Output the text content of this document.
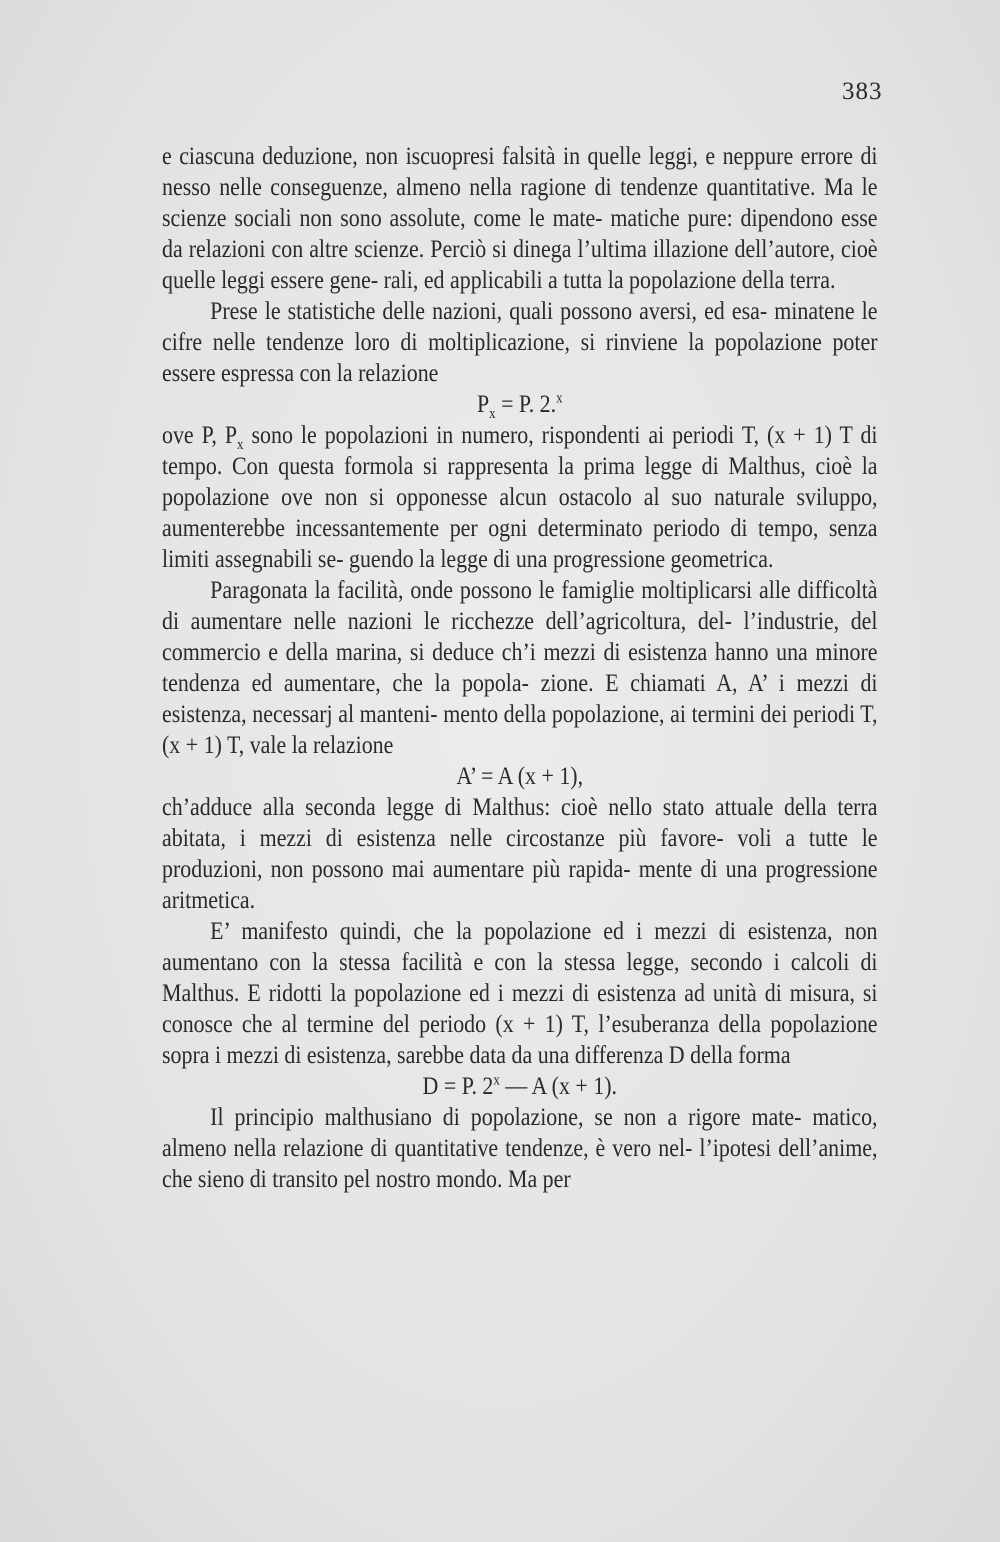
383

e ciascuna deduzione, non iscuopresi falsità in quelle leggi, e neppure errore di nesso nelle conseguenze, almeno nella ragione di tendenze quantitative. Ma le scienze sociali non sono assolute, come le mate- matiche pure: dipendono esse da relazioni con altre scienze. Perciò si dinega l’ultima illazione dell’autore, cioè quelle leggi essere gene- rali, ed applicabili a tutta la popolazione della terra.

Prese le statistiche delle nazioni, quali possono aversi, ed esa- minatene le cifre nelle tendenze loro di moltiplicazione, si rinviene la popolazione poter essere espressa con la relazione

$P_x = P$. 2.$^x$

ove P, $P_x$ sono le popolazioni in numero, rispondenti ai periodi T, (x + 1) T di tempo. Con questa formola si rappresenta la prima legge di Malthus, cioè la popolazione ove non si opponesse alcun ostacolo al suo naturale sviluppo, aumenterebbe incessantemente per ogni determinato periodo di tempo, senza limiti assegnabili se- guendo la legge di una progressione geometrica.

Paragonata la facilità, onde possono le famiglie moltiplicarsi alle difficoltà di aumentare nelle nazioni le ricchezze dell’agricoltura, del- l’industrie, del commercio e della marina, si deduce ch’i mezzi di esistenza hanno una minore tendenza ed aumentare, che la popola- zione. E chiamati A, A’ i mezzi di esistenza, necessarj al manteni- mento della popolazione, ai termini dei periodi T, (x + 1) T, vale la relazione

A’ = A (x + 1),

ch’adduce alla seconda legge di Malthus: cioè nello stato attuale della terra abitata, i mezzi di esistenza nelle circostanze più favore- voli a tutte le produzioni, non possono mai aumentare più rapida- mente di una progressione aritmetica.

E’ manifesto quindi, che la popolazione ed i mezzi di esistenza, non aumentano con la stessa facilità e con la stessa legge, secondo i calcoli di Malthus. E ridotti la popolazione ed i mezzi di esistenza ad unità di misura, si conosce che al termine del periodo (x + 1) T, l’esuberanza della popolazione sopra i mezzi di esistenza, sarebbe data da una differenza D della forma

D = P. 2$^x$ — A (x + 1).

Il principio malthusiano di popolazione, se non a rigore mate- matico, almeno nella relazione di quantitative tendenze, è vero nel- l’ipotesi dell’anime, che sieno di transito pel nostro mondo. Ma per
